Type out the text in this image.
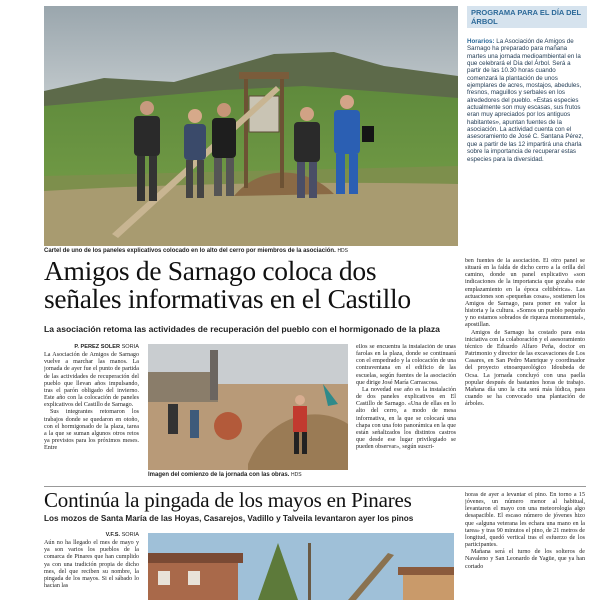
Cartel de uno de los paneles explicativos colocado en lo alto del cerro por miembros de la asociación. HDS
PROGRAMA PARA EL DÍA DEL ÁRBOL
Horarios: La Asociación de Amigos de Sarnago ha preparado para mañana martes una jornada medioambiental en la que celebrará el Día del Árbol. Será a partir de las 10.30 horas cuando comenzará la plantación de unos ejemplares de acres, mostajos, abedules, fresnos, maguillos y serbales en los alrededores del pueblo. «Estas especies actualmente son muy escasas, sus frutos eran muy apreciados por los antiguos habitantes», apuntan fuentes de la asociación. La actividad cuenta con el asesoramiento de José C. Santana Pérez, que a partir de las 12 impartirá una charla sobre la importancia de recuperar estas especies para la diversidad.
Amigos de Sarnago coloca dos
señales informativas en el Castillo

La asociación retoma las actividades de recuperación del pueblo con el hormigonado de la plaza

P. PÉREZ SOLER SORIA

La Asociación de Amigos de Sarnago vuelve a marchar las manos. La jornada de ayer fue el punto de partida de las actividades de recuperación del pueblo que llevan años impulsando, tras el parón obligado del invierno. Este año con la colocación de paneles explicativos del Castillo de Sarnago.

Sus integrantes retomaron los trabajos donde se quedaron en otoño, con el hormigonado de la plaza, tarea a la que se suman algunos otros retos ya previstos para los próximos meses. Entre

Imagen del comienzo de la jornada con las obras. HDS

ellos se encuentra la instalación de unas farolas en la plaza, donde se continuará con el empedrado y la colocación de una contraventana en el edificio de las escuelas, según fuentes de la asociación que dirige José María Carrascosa.

La novedad ese año es la instalación de dos paneles explicativos en El Castillo de Sarnago. «Una de ellas en lo alto del cerro, a modo de mesa informativa, en la que se colocará una chapa con una foto panorámica en la que están señalizados los distintos castros que desde ese lugar privilegiado se pueden observar», según suscri-

ben fuentes de la asociación. El otro panel se situará en la falda de dicho cerro a la orilla del camino, donde un panel explicativo «son indicaciones de la importancia que gozaba este emplazamiento en la época celtibérica». Las actuaciones son «pequeñas cosas», sostienen los Amigos de Sarnago, para poner en valor la historia y la cultura. «Somos un pueblo pequeño y no estamos sobrados de riqueza monumental», apostillan.

Amigos de Sarnago ha costado para esta iniciativa con la colaboración y el asesoramiento técnico de Eduardo Alfaro Peña, doctor en Patrimonio y director de las excavaciones de Los Casares, en San Pedro Manrique y coordinador del proyecto etnoarqueológico Idoubeda de Ocsa. La jornada concluyó con una paella popular después de bastantes horas de trabajo. Mañana día uno la cita será más lúdica, para cuando se ha convocado una plantación de árboles.

Continúa la pingada de los mayos en Pinares

Los mozos de Santa María de las Hoyas, Casarejos, Vadillo y Talveila levantaron ayer los pinos

V.F.S. SORIA

Aún no ha llegado el mes de mayo y ya son varios los pueblos de la comarca de Pinares que han cumplido ya con una tradición propia de dicho mes, del que reciben su nombre, la pingada de los mayos. Si el sábado lo hacían las

horas de ayer a levantar el pino. En torno a 15 jóvenes, un número menor al habitual, levantaron el mayo con una meteorología algo desapacible. El escaso número de jóvenes hizo que «alguna veterana les echara una mano en la tarea» y tras 90 minutos el pino, de 21 metros de longitud, quedó vertical tras el esfuerzo de los participantes.

Mañana será el turno de los solteros de Navaleno y San Leonardo de Yagüe, que ya han cortado
